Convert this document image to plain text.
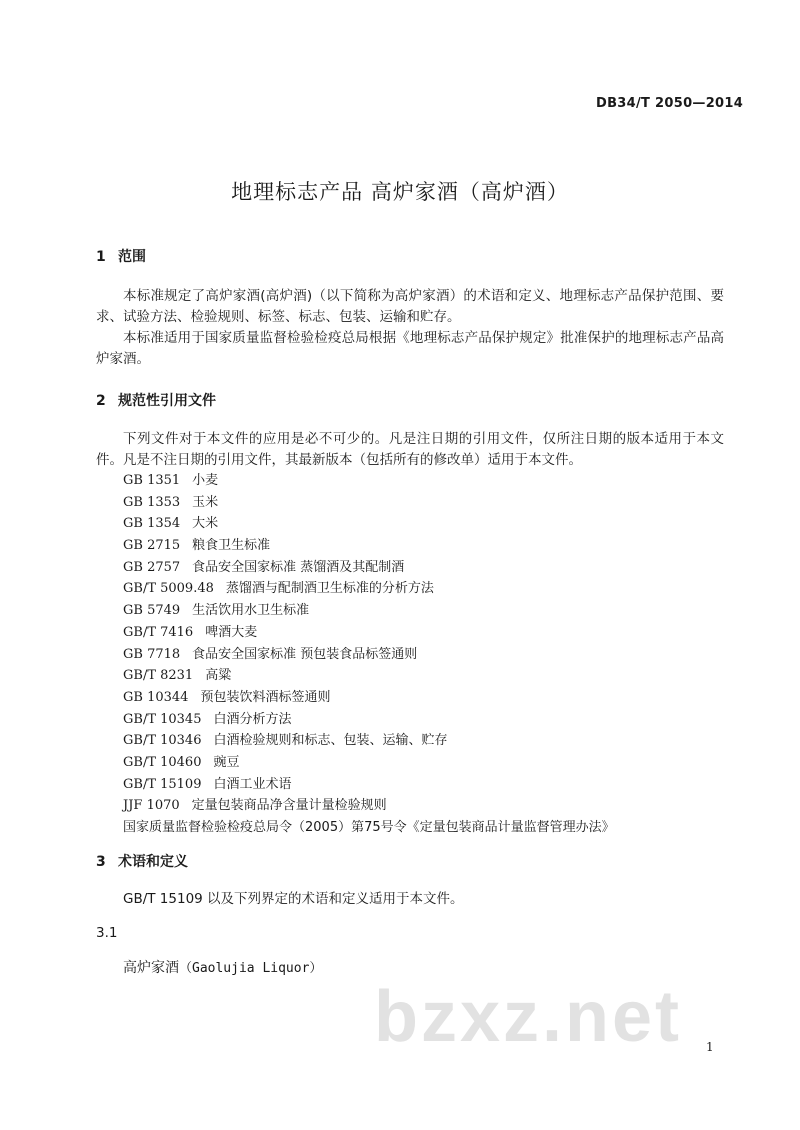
DB34/T 2050—2014
地理标志产品 高炉家酒（高炉酒）
1 范围
本标准规定了高炉家酒(高炉酒)（以下简称为高炉家酒）的术语和定义、地理标志产品保护范围、要求、试验方法、检验规则、标签、标志、包装、运输和贮存。
本标准适用于国家质量监督检验检疫总局根据《地理标志产品保护规定》批准保护的地理标志产品高炉家酒。
2 规范性引用文件
下列文件对于本文件的应用是必不可少的。凡是注日期的引用文件，仅所注日期的版本适用于本文件。凡是不注日期的引用文件，其最新版本（包括所有的修改单）适用于本文件。
GB 1351 小麦
GB 1353 玉米
GB 1354 大米
GB 2715 粮食卫生标准
GB 2757 食品安全国家标准 蒸馏酒及其配制酒
GB/T 5009.48 蒸馏酒与配制酒卫生标准的分析方法
GB 5749 生活饮用水卫生标准
GB/T 7416 啤酒大麦
GB 7718 食品安全国家标准 预包装食品标签通则
GB/T 8231 高粱
GB 10344 预包装饮料酒标签通则
GB/T 10345 白酒分析方法
GB/T 10346 白酒检验规则和标志、包装、运输、贮存
GB/T 10460 豌豆
GB/T 15109 白酒工业术语
JJF 1070 定量包装商品净含量计量检验规则
国家质量监督检验检疫总局令（2005）第75号令《定量包装商品计量监督管理办法》
3 术语和定义
GB/T 15109 以及下列界定的术语和定义适用于本文件。
3.1
高炉家酒（Gaolujia Liquor）
bzxz.net 1
